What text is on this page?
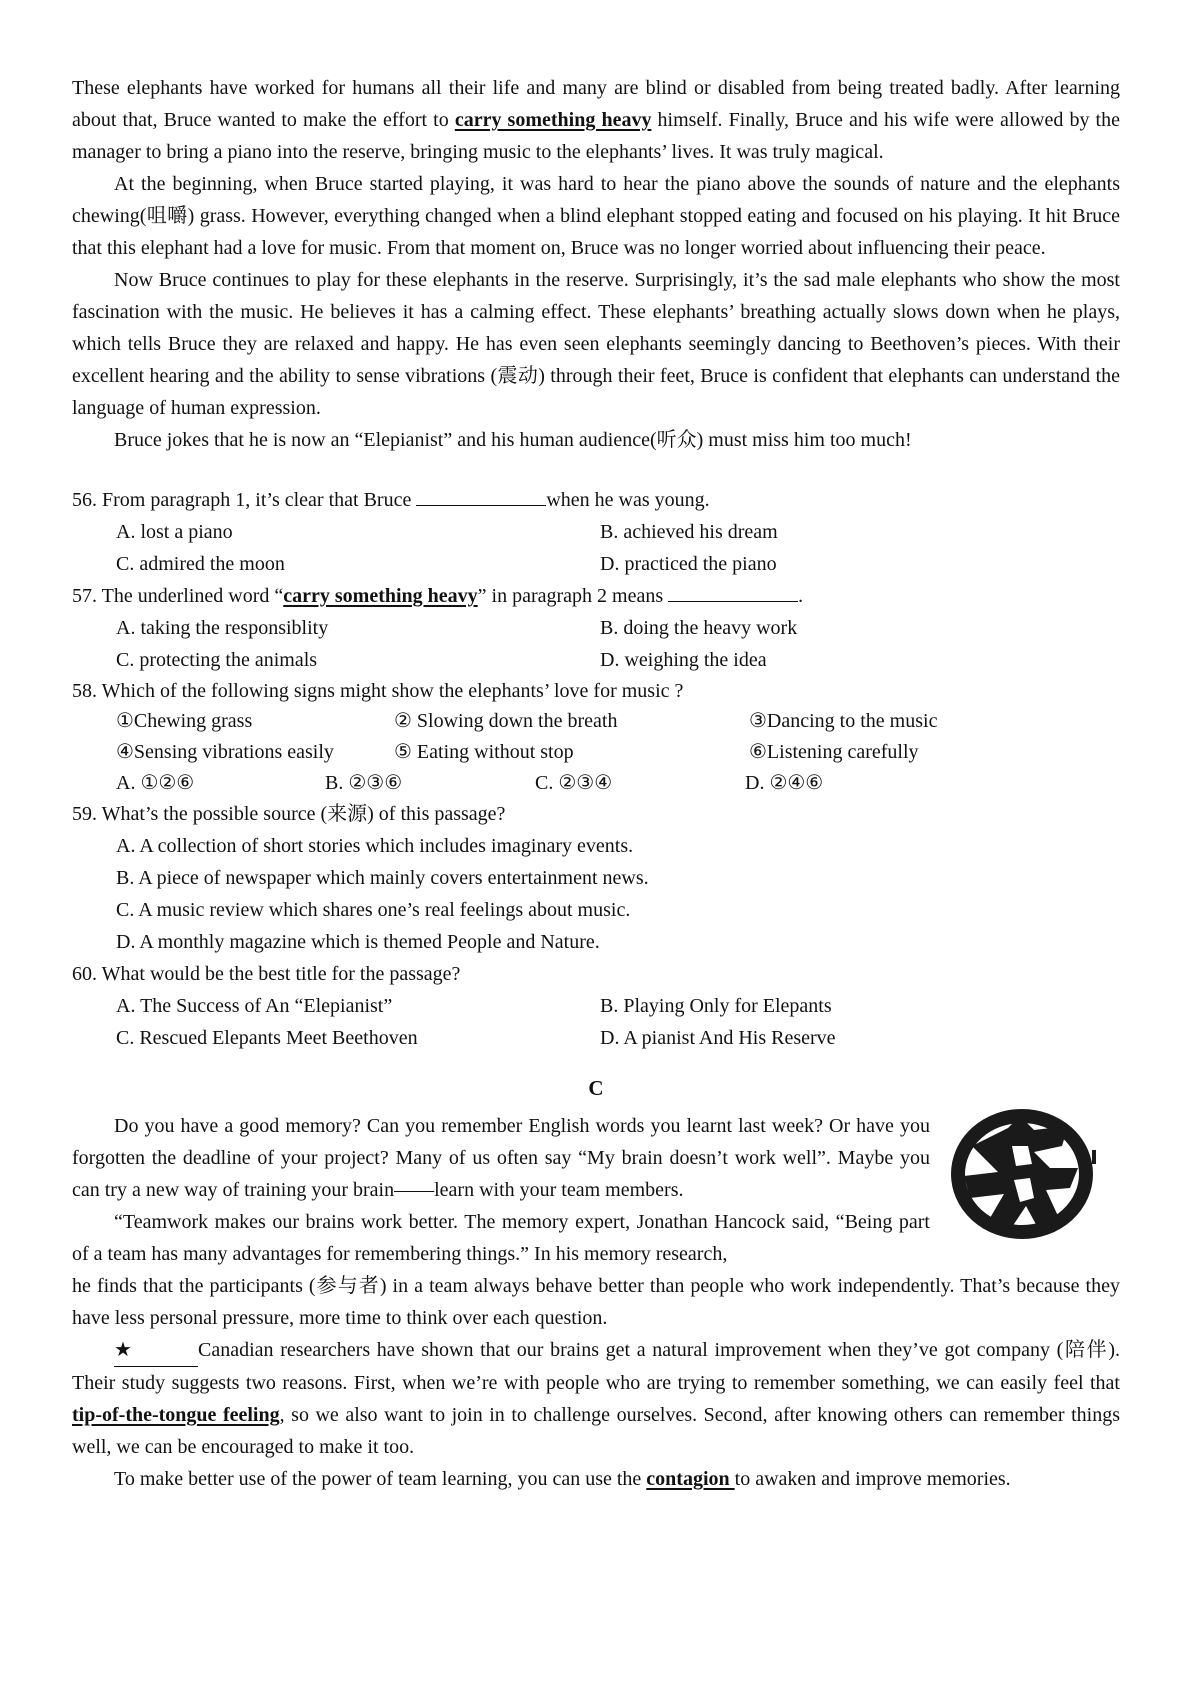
These elephants have worked for humans all their life and many are blind or disabled from being treated badly. After learning about that, Bruce wanted to make the effort to carry something heavy himself. Finally, Bruce and his wife were allowed by the manager to bring a piano into the reserve, bringing music to the elephants’ lives. It was truly magical.

At the beginning, when Bruce started playing, it was hard to hear the piano above the sounds of nature and the elephants chewing(咀嚼) grass. However, everything changed when a blind elephant stopped eating and focused on his playing. It hit Bruce that this elephant had a love for music. From that moment on, Bruce was no longer worried about influencing their peace.

Now Bruce continues to play for these elephants in the reserve. Surprisingly, it’s the sad male elephants who show the most fascination with the music. He believes it has a calming effect. These elephants’ breathing actually slows down when he plays, which tells Bruce they are relaxed and happy. He has even seen elephants seemingly dancing to Beethoven’s pieces. With their excellent hearing and the ability to sense vibrations (震动) through their feet, Bruce is confident that elephants can understand the language of human expression.

Bruce jokes that he is now an “Elepianist” and his human audience(听众) must miss him too much!

56. From paragraph 1, it’s clear that Bruce	when he was young.

A. lost a piano	B. achieved his dream
C. admired the moon	D. practiced the piano

57. The underlined word “carry something heavy” in paragraph 2 means	.

A. taking the responsiblity	B. doing the heavy work
C. protecting the animals	D. weighing the idea

58. Which of the following signs might show the elephants’ love for music ?

①Chewing grass	② Slowing down the breath	③Dancing to the music
④Sensing vibrations easily	⑤ Eating without stop	⑥Listening carefully
A. ①②⑥	B. ②③⑥	C. ②③④	D. ②④⑥

59. What’s the possible source (来源) of this passage?

A. A collection of short stories which includes imaginary events.
B. A piece of newspaper which mainly covers entertainment news.
C. A music review which shares one’s real feelings about music.
D. A monthly magazine which is themed People and Nature.

60. What would be the best title for the passage?

A. The Success of An “Elepianist”	B. Playing Only for Elepants
C. Rescued Elepants Meet Beethoven	D. A pianist And His Reserve
C

Do you have a good memory? Can you remember English words you learnt last week? Or have you forgotten the deadline of your project? Many of us often say “My brain doesn’t work well”. Maybe you can try a new way of training your brain——learn with your team members.

“Teamwork makes our brains work better. The memory expert, Jonathan Hancock said, “Being part of a team has many advantages for remembering things.” In his memory research,

he finds that the participants (参与者) in a team always behave better than people who work independently. That’s because they have less personal pressure, more time to think over each question.

★	Canadian researchers have shown that our brains get a natural improvement when they’ve got company (陪伴). Their study suggests two reasons. First, when we’re with people who are trying to remember something, we can easily feel that tip-of-the-tongue feeling, so we also want to join in to challenge ourselves. Second, after knowing others can remember things well, we can be encouraged to make it too.

To make better use of the power of team learning, you can use the contagion to awaken and improve memories.
